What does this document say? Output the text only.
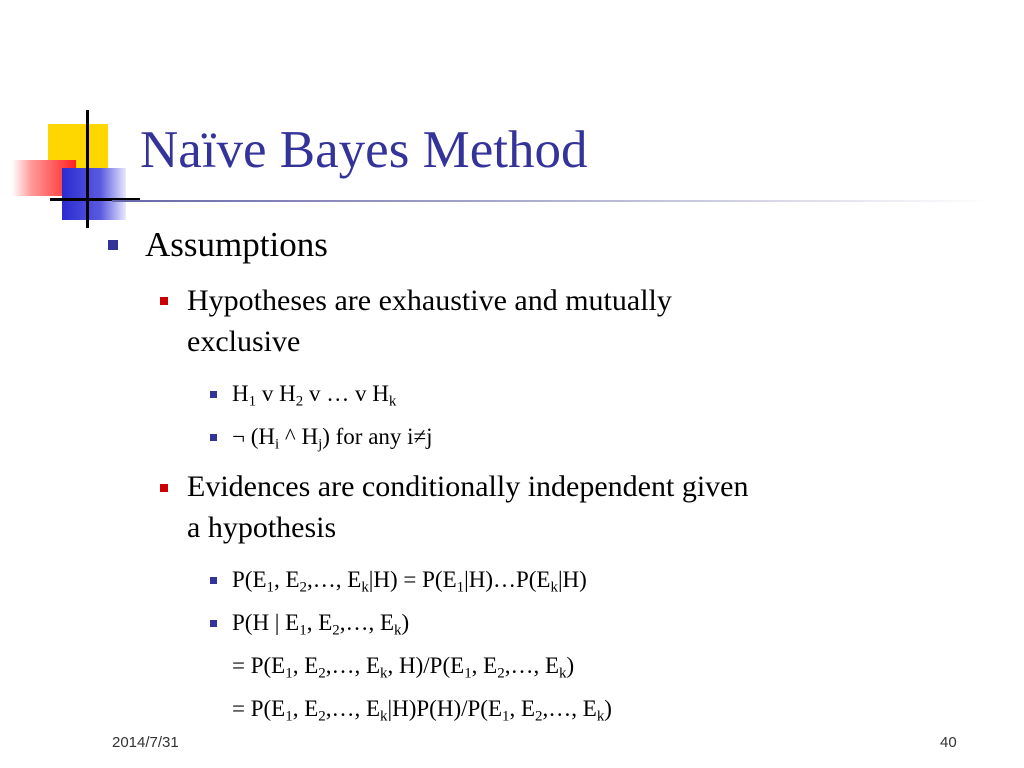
Naïve Bayes Method
Assumptions
Hypotheses are exhaustive and mutually
exclusive
$H_1$ v $H_2$ v … v $H_k$
¬ ($H_i$ ^ $H_j$) for any i≠j
Evidences are conditionally independent given
a hypothesis
$P(E_1$, $E_2,\dots$, $E_k|H$) = $P(E_1|H)\dots P(E_k|H)$
P(H | $E_1$, $E_2,\dots$, $E_k$)
= $P(E_1$, $E_2,\dots$, $E_k$, $H)/P(E_1$, $E_2,\dots$, $E_k$)
= $P(E_1$, $E_2,\dots$, $E_k|H)P(H)/P(E_1$, $E_2,\dots$, $E_k$)
2014/7/31	40
